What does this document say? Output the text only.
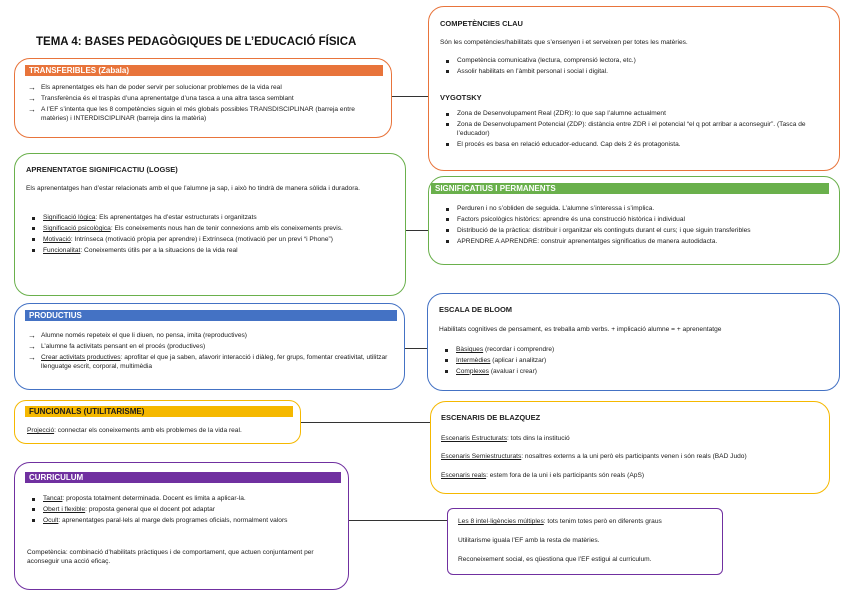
TEMA 4: BASES PEDAGÒGIQUES DE L’EDUCACIÓ FÍSICA
TRANSFERIBLES (Zabala)
→ Els aprenentatges els han de poder servir per solucionar problemes de la vida real
→ Transferència és el traspàs d’una aprenentatge d’una tasca a una altra tasca semblant
→ A l’EF s’intenta que les 8 competències siguin el més globals possibles TRANSDISCIPLINAR (barreja entre matèries) i INTERDISCIPLINAR (barreja dins la matèria)
APRENENTATGE SIGNIFICACTIU (LOGSE)
Els aprenentatges han d’estar relacionats amb el que l’alumne ja sap, i això ho tindrà de manera sòlida i duradora.
Significació lògica: Els aprenentatges ha d’estar estructurats i organitzats
Significació psicològica: Els coneixements nous han de tenir connexions amb els coneixements previs.
Motivació: Intrínseca (motivació pròpia per aprendre) i Extrínseca (motivació per un previ “i Phone”)
Funcionalitat: Coneixements útils per a la situacions de la vida real
PRODUCTIUS
→ Alumne només repeteix el que li diuen, no pensa, imita (reproductives)
→ L’alumne fa activitats pensant en el procés (productives)
→ Crear activitats productives: aprofitar el que ja saben, afavorir interacció i diàleg, fer grups, fomentar creativitat, utilitzar llenguatge escrit, corporal, multimèdia
FUNCIONALS (UTILITARISME)
Projecció: connectar els coneixements amb els problemes de la vida real.
CURRICULUM
Tancat: proposta totalment determinada. Docent es limita a aplicar-la.
Obert i flexible: proposta general que el docent pot adaptar
Ocult: aprenentatges paral·lels al marge dels programes oficials, normalment valors
Competència: combinació d’habilitats pràctiques i de comportament, que actuen conjuntament per aconseguir una acció eficaç.
COMPETÈNCIES CLAU
Són les competències/habilitats que s’ensenyen i et serveixen per totes les matèries.
Competència comunicativa (lectura, comprensió lectora, etc.)
Assolir habilitats en l’àmbit personal i social i digital.
VYGOTSKY
Zona de Desenvolupament Real (ZDR): lo que sap l’alumne actualment
Zona de Desenvolupament Potencial (ZDP): distància entre ZDR i el potencial “el q pot arribar a aconseguir”. (Tasca de l’educador)
El procés es basa en relació educador-educand. Cap dels 2 és protagonista.
SIGNIFICATIUS I PERMANENTS
Perduren i no s’obliden de seguida. L’alumne s’interessa i s’implica.
Factors psicològics històrics: aprendre és una construcció històrica i individual
Distribució de la pràctica: distribuir i organitzar els continguts durant el curs; i que siguin transferibles
APRENDRE A APRENDRE: construir aprenentatges significatius de manera autodidacta.
ESCALA DE BLOOM
Habilitats cognitives de pensament, es treballa amb verbs. + implicació alumne = + aprenentatge
Bàsiques (recordar i comprendre)
Intermèdies (aplicar i analitzar)
Complexes (avaluar i crear)
ESCENARIS DE BLAZQUEZ
Escenaris Estructurats: tots dins la institució
Escenaris Semiestructurats: nosaltres externs a la uni però els participants venen i són reals (BAD Judo)
Escenaris reals: estem fora de la uni i els participants són reals (ApS)
Les 8 intel·ligències múltiples: tots tenim totes però en diferents graus
Utilitarisme iguala l’EF amb la resta de matèries.
Reconeixement social, es qüestiona que l’EF estigui al curriculum.
